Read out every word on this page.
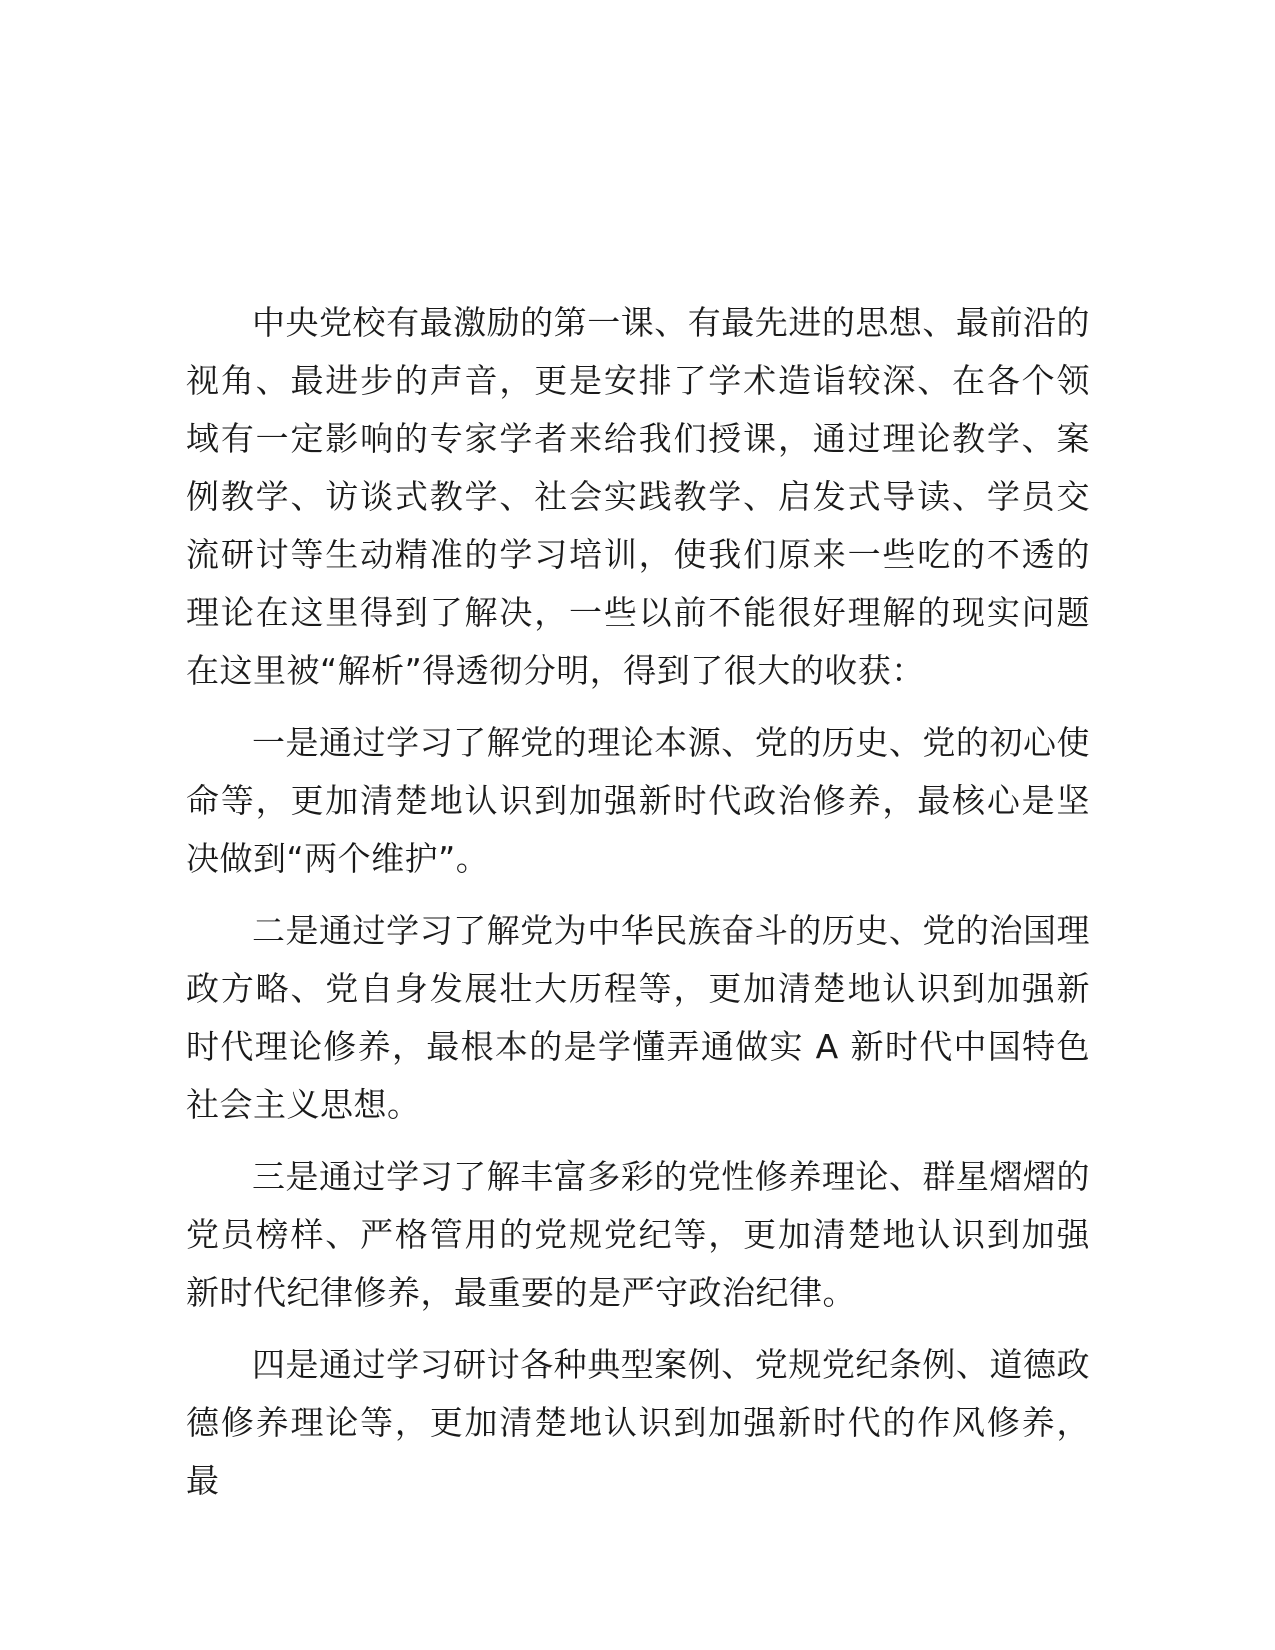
中央党校有最激励的第一课、有最先进的思想、最前沿的视角、最进步的声音，更是安排了学术造诣较深、在各个领域有一定影响的专家学者来给我们授课，通过理论教学、案例教学、访谈式教学、社会实践教学、启发式导读、学员交流研讨等生动精准的学习培训，使我们原来一些吃的不透的理论在这里得到了解决，一些以前不能很好理解的现实问题在这里被“解析”得透彻分明，得到了很大的收获：

一是通过学习了解党的理论本源、党的历史、党的初心使命等，更加清楚地认识到加强新时代政治修养，最核心是坚决做到“两个维护”。

二是通过学习了解党为中华民族奋斗的历史、党的治国理政方略、党自身发展壮大历程等，更加清楚地认识到加强新时代理论修养，最根本的是学懂弄通做实 A 新时代中国特色社会主义思想。

三是通过学习了解丰富多彩的党性修养理论、群星熠熠的党员榜样、严格管用的党规党纪等，更加清楚地认识到加强新时代纪律修养，最重要的是严守政治纪律。

四是通过学习研讨各种典型案例、党规党纪条例、道德政德修养理论等，更加清楚地认识到加强新时代的作风修养，最
